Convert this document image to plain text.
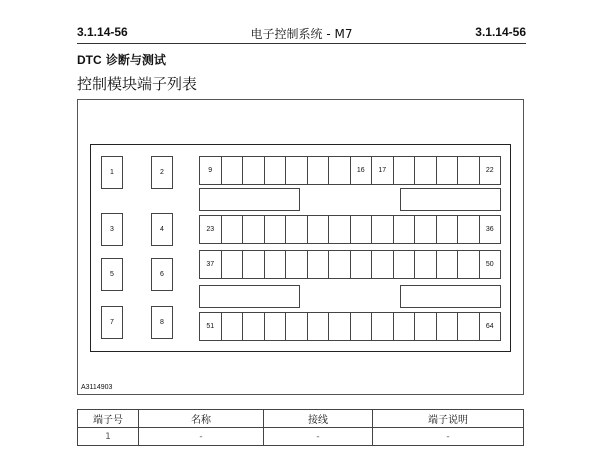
3.1.14-56	电子控制系统 - M7	3.1.14-56
DTC 诊断与测试
控制模块端子列表
1	2
3	4
5	6
7	8
9	16	17	22
23	36
37	50
51	64
A3114903
端子号	名称	接线	端子说明
1	-	-	-
